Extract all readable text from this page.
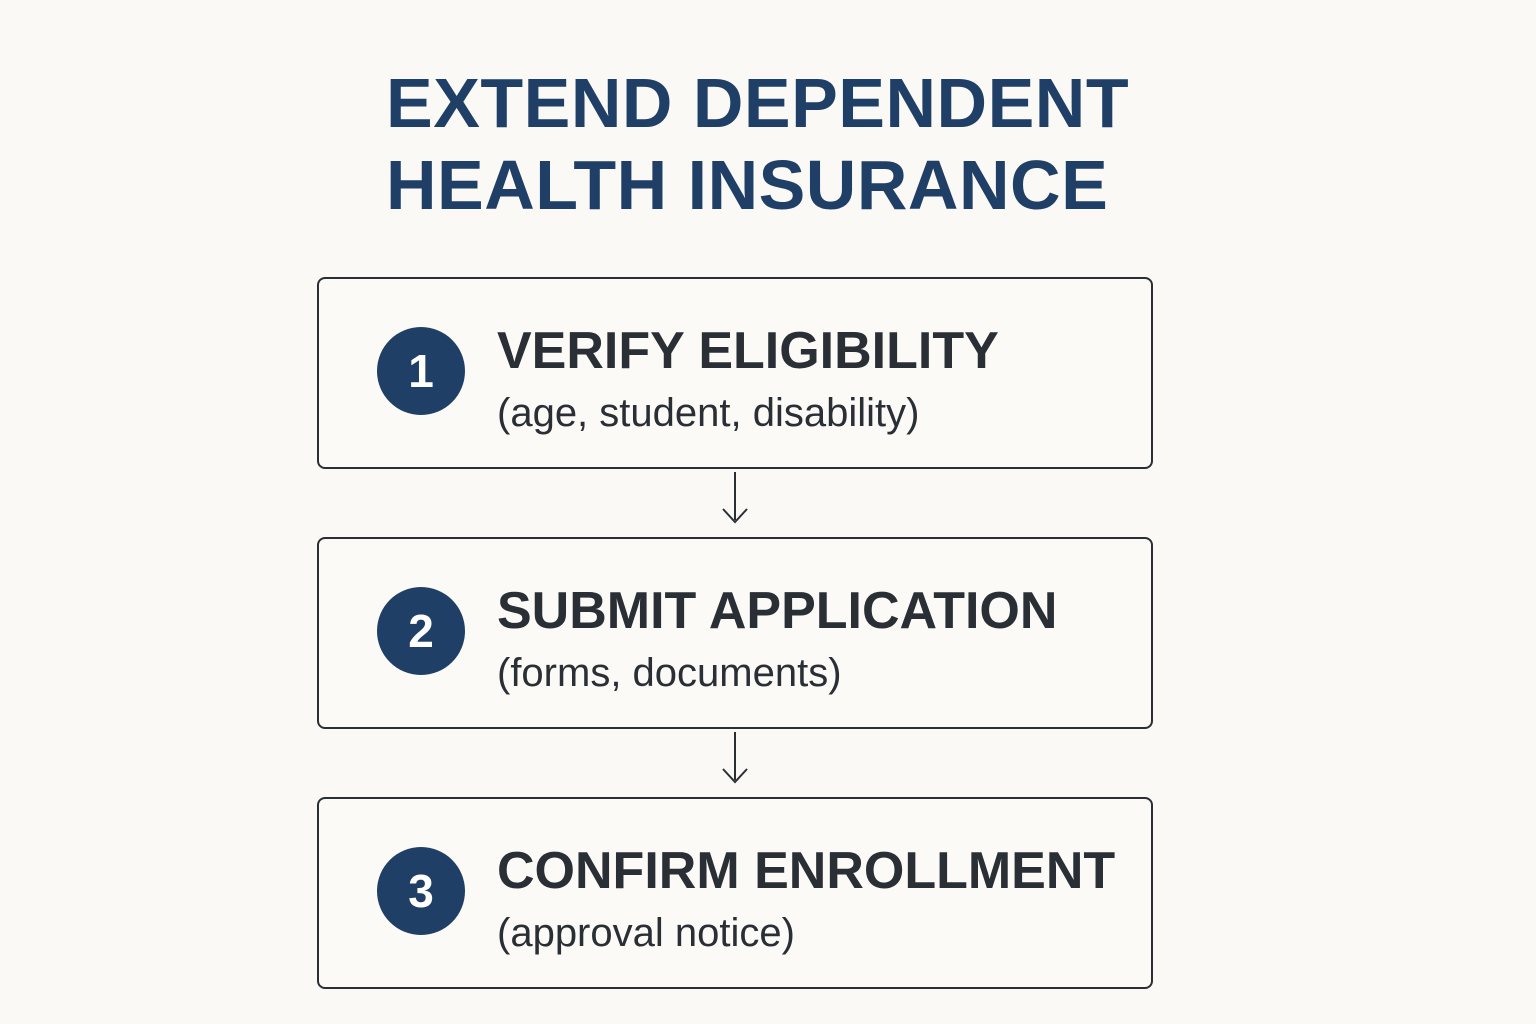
EXTEND DEPENDENT
HEALTH INSURANCE
1	VERIFY ELIGIBILITY
(age, student, disability)
2	SUBMIT APPLICATION
(forms, documents)
3	CONFIRM ENROLLMENT
(approval notice)
